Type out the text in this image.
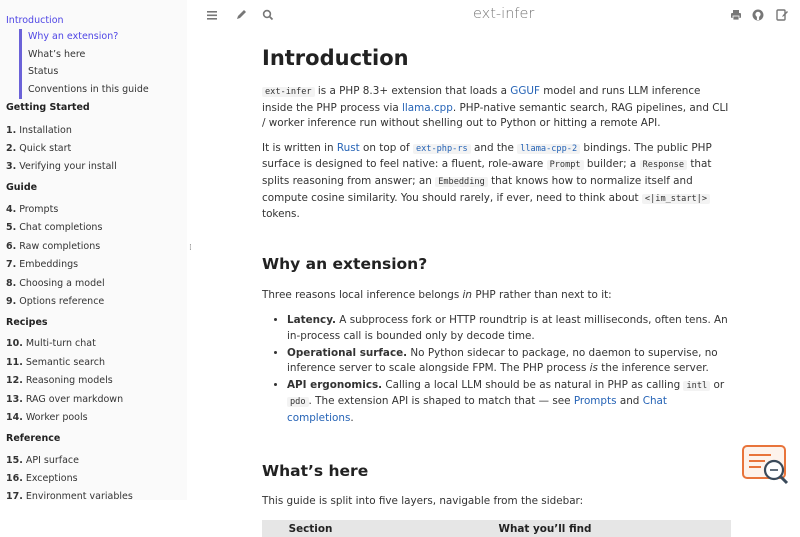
Introduction
Why an extension?
What’s here
Status
Conventions in this guide
Getting Started
1. Installation
2. Quick start
3. Verifying your install
Guide
4. Prompts
5. Chat completions
6. Raw completions
7. Embeddings
8. Choosing a model
9. Options reference
Recipes
10. Multi-turn chat
11. Semantic search
12. Reasoning models
13. RAG over markdown
14. Worker pools
Reference
15. API surface
16. Exceptions
17. Environment variables
⁞
ext-infer
Introduction

ext-infer is a PHP 8.3+ extension that loads a GGUF model and runs LLM inference inside the PHP process via llama.cpp. PHP-native semantic search, RAG pipelines, and CLI / worker inference run without shelling out to Python or hitting a remote API.

It is written in Rust on top of ext-php-rs and the llama-cpp-2 bindings. The public PHP surface is designed to feel native: a fluent, role-aware Prompt builder; a Response that splits reasoning from answer; an Embedding that knows how to normalize itself and compute cosine similarity. You should rarely, if ever, need to think about <|im_start|> tokens.

Why an extension?

Three reasons local inference belongs in PHP rather than next to it:

• Latency. A subprocess fork or HTTP roundtrip is at least milliseconds, often tens. An in-process call is bounded only by decode time.
• Operational surface. No Python sidecar to package, no daemon to supervise, no inference server to scale alongside FPM. The PHP process is the inference server.
• API ergonomics. Calling a local LLM should be as natural in PHP as calling intl or pdo . The extension API is shaped to match that — see Prompts and Chat completions.
What’s here

This guide is split into five layers, navigable from the sidebar:

Section	What you’ll find
